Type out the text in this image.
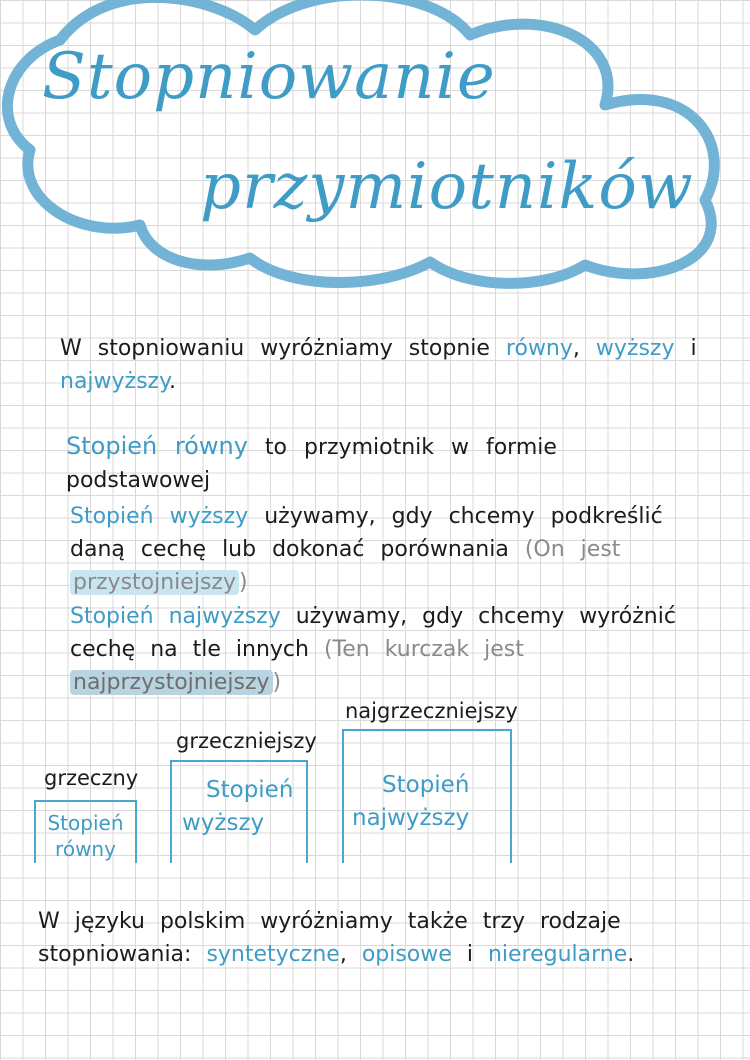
Stopniowanie
przymiotników

W stopniowaniu wyróżniamy stopnie równy, wyższy i najwyższy.

Stopień równy to przymiotnik w formie podstawowej

Stopień wyższy używamy, gdy chcemy podkreślić daną cechę lub dokonać porównania (On jest przystojniejszy )

Stopień najwyższy używamy, gdy chcemy wyróżnić cechę na tle innych (Ten kurczak jest najprzystojniejszy )

grzeczny
Stopień
równy
grzeczniejszy
Stopień
wyższy
najgrzeczniejszy
Stopień
najwyższy

W języku polskim wyróżniamy także trzy rodzaje stopniowania: syntetyczne, opisowe i nieregularne.
